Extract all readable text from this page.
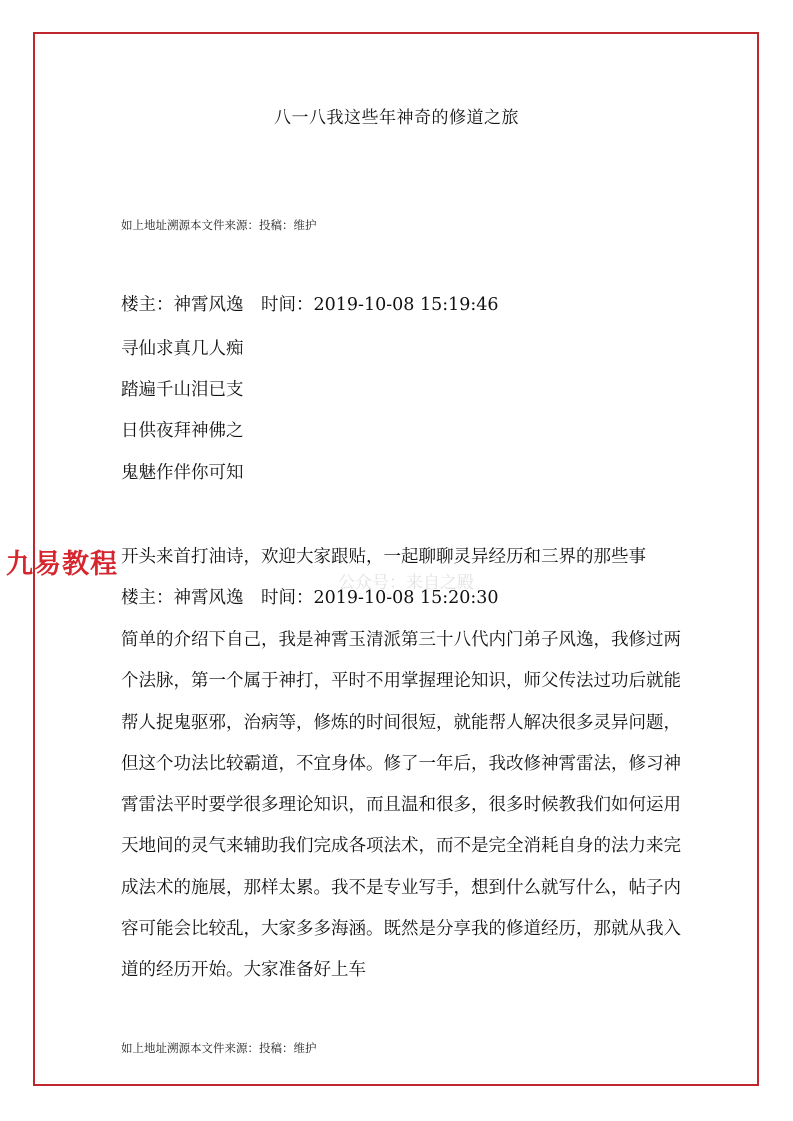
八一八我这些年神奇的修道之旅
如上地址溯源本文件来源：投稿：维护
楼主：神霄风逸　时间：2019-10-08 15:19:46
寻仙求真几人痴
踏遍千山泪已支
日供夜拜神佛之
鬼魅作伴你可知
开头来首打油诗，欢迎大家跟贴，一起聊聊灵异经历和三界的那些事
九易教程
公众号：来自之殿
楼主：神霄风逸　时间：2019-10-08 15:20:30
简单的介绍下自己，我是神霄玉清派第三十八代内门弟子风逸，我修过两个法脉，第一个属于神打，平时不用掌握理论知识，师父传法过功后就能帮人捉鬼驱邪，治病等，修炼的时间很短，就能帮人解决很多灵异问题，但这个功法比较霸道，不宜身体。修了一年后，我改修神霄雷法，修习神霄雷法平时要学很多理论知识，而且温和很多，很多时候教我们如何运用天地间的灵气来辅助我们完成各项法术，而不是完全消耗自身的法力来完成法术的施展，那样太累。我不是专业写手，想到什么就写什么，帖子内容可能会比较乱，大家多多海涵。既然是分享我的修道经历，那就从我入道的经历开始。大家准备好上车
如上地址溯源本文件来源：投稿：维护
